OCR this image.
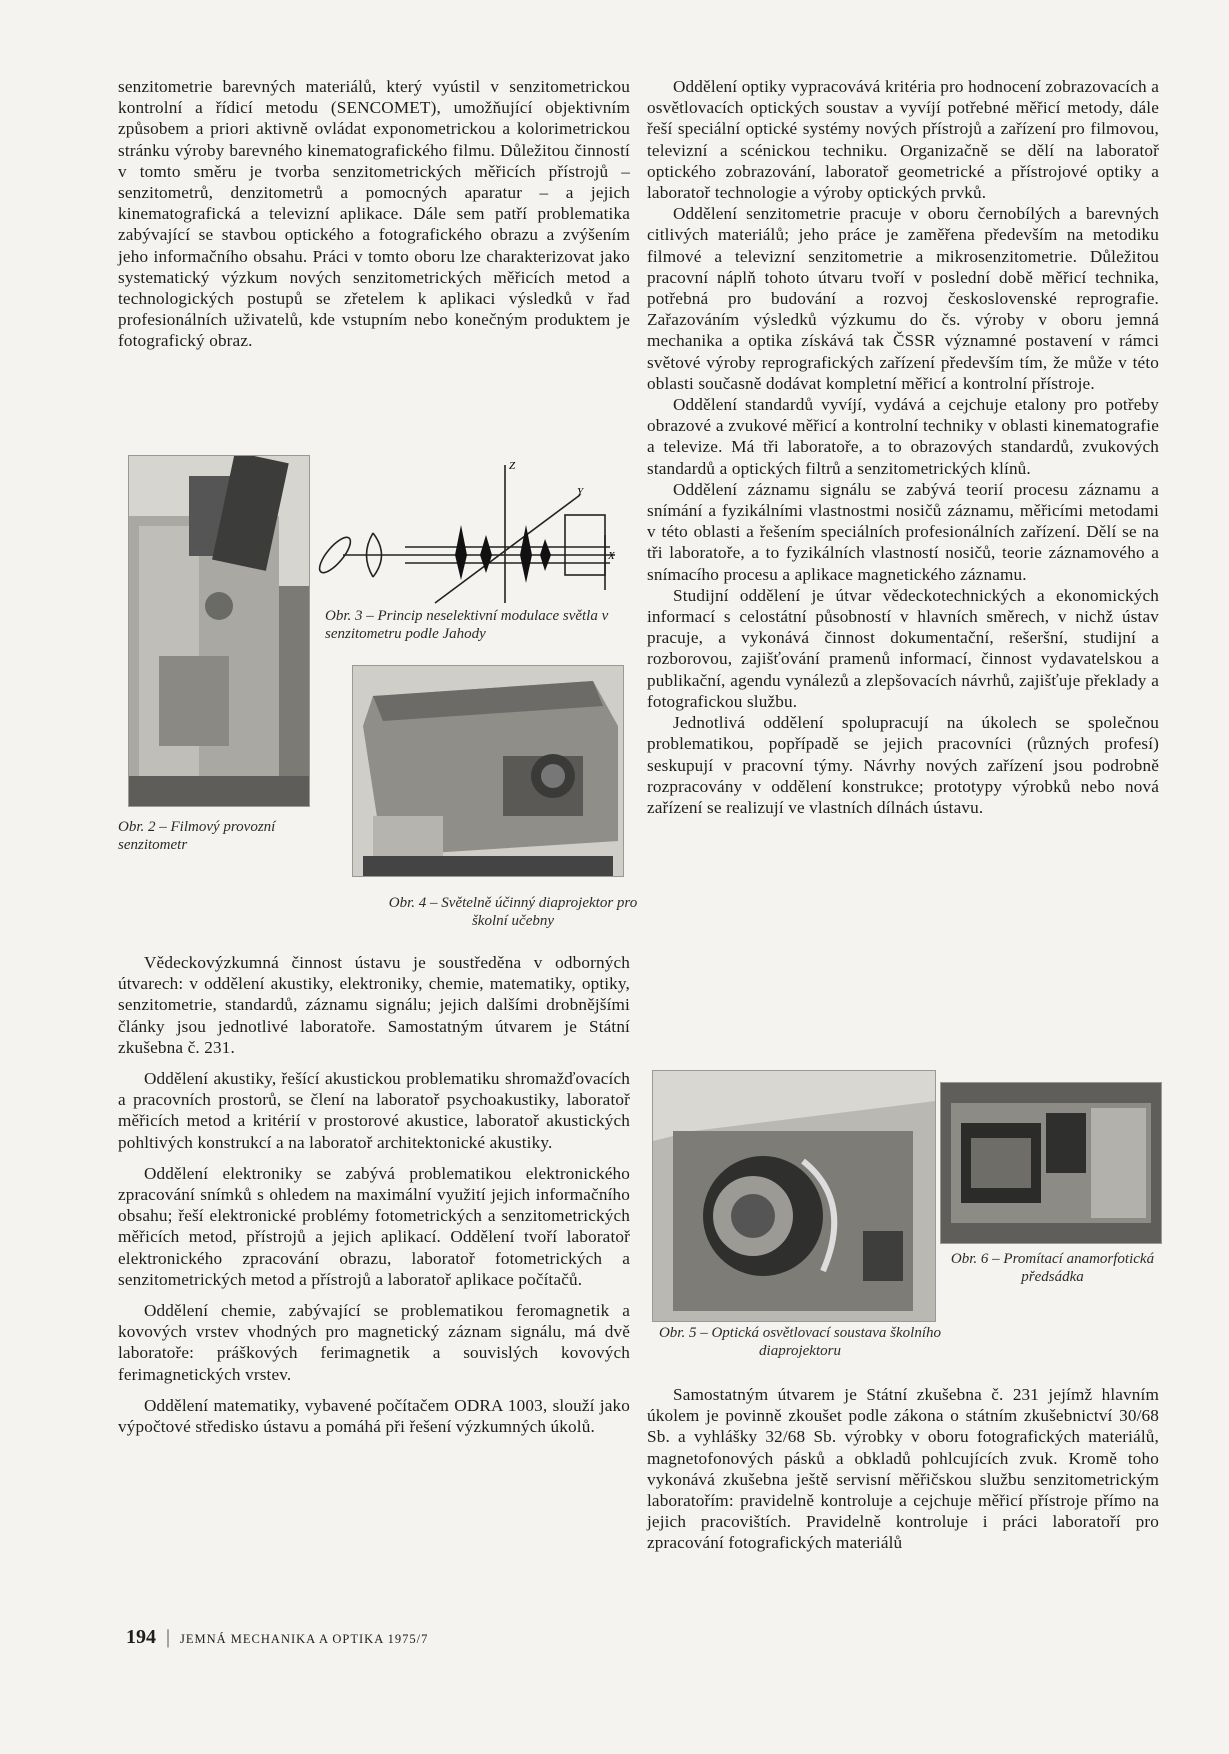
senzitometrie barevných materiálů, který vyústil v senzitometrickou kontrolní a řídicí metodu (SENCOMET), umožňující objektivním způsobem a priori aktivně ovládat exponometrickou a kolorimetrickou stránku výroby barevného kinematografického filmu. Důležitou činností v tomto směru je tvorba senzitometrických měřicích přístrojů – senzitometrů, denzitometrů a pomocných aparatur – a jejich kinematografická a televizní aplikace. Dále sem patří problematika zabývající se stavbou optického a fotografického obrazu a zvýšením jeho informačního obsahu. Práci v tomto oboru lze charakterizovat jako systematický výzkum nových senzitometrických měřicích metod a technologických postupů se zřetelem k aplikaci výsledků v řad profesionálních uživatelů, kde vstupním nebo konečným produktem je fotografický obraz.

Obr. 2 – Filmový provozní senzitometr
Z
Y
X
Obr. 3 – Princip neselektivní modulace světla v senzitometru podle Jahody
Obr. 4 – Světelně účinný diaprojektor pro školní učebny

Vědeckovýzkumná činnost ústavu je soustředěna v odborných útvarech: v oddělení akustiky, elektroniky, chemie, matematiky, optiky, senzitometrie, standardů, záznamu signálu; jejich dalšími drobnějšími články jsou jednotlivé laboratoře. Samostatným útvarem je Státní zkušebna č. 231.

Oddělení akustiky, řešící akustickou problematiku shromažďovacích a pracovních prostorů, se člení na laboratoř psychoakustiky, laboratoř měřicích metod a kritérií v prostorové akustice, laboratoř akustických pohltivých konstrukcí a na laboratoř architektonické akustiky.

Oddělení elektroniky se zabývá problematikou elektronického zpracování snímků s ohledem na maximální využití jejich informačního obsahu; řeší elektronické problémy fotometrických a senzitometrických měřicích metod, přístrojů a jejich aplikací. Oddělení tvoří laboratoř elektronického zpracování obrazu, laboratoř fotometrických a senzitometrických metod a přístrojů a laboratoř aplikace počítačů.

Oddělení chemie, zabývající se problematikou feromagnetik a kovových vrstev vhodných pro magnetický záznam signálu, má dvě laboratoře: práškových ferimagnetik a souvislých kovových ferimagnetických vrstev.

Oddělení matematiky, vybavené počítačem ODRA 1003, slouží jako výpočtové středisko ústavu a pomáhá při řešení výzkumných úkolů.

Oddělení optiky vypracovává kritéria pro hodnocení zobrazovacích a osvětlovacích optických soustav a vyvíjí potřebné měřicí metody, dále řeší speciální optické systémy nových přístrojů a zařízení pro filmovou, televizní a scénickou techniku. Organizačně se dělí na laboratoř optického zobrazování, laboratoř geometrické a přístrojové optiky a laboratoř technologie a výroby optických prvků.

Oddělení senzitometrie pracuje v oboru černobílých a barevných citlivých materiálů; jeho práce je zaměřena především na metodiku filmové a televizní senzitometrie a mikrosenzitometrie. Důležitou pracovní náplň tohoto útvaru tvoří v poslední době měřicí technika, potřebná pro budování a rozvoj československé reprografie. Zařazováním výsledků výzkumu do čs. výroby v oboru jemná mechanika a optika získává tak ČSSR významné postavení v rámci světové výroby reprografických zařízení především tím, že může v této oblasti současně dodávat kompletní měřicí a kontrolní přístroje.

Oddělení standardů vyvíjí, vydává a cejchuje etalony pro potřeby obrazové a zvukové měřicí a kontrolní techniky v oblasti kinematografie a televize. Má tři laboratoře, a to obrazových standardů, zvukových standardů a optických filtrů a senzitometrických klínů.

Oddělení záznamu signálu se zabývá teorií procesu záznamu a snímání a fyzikálními vlastnostmi nosičů záznamu, měřicími metodami v této oblasti a řešením speciálních profesionálních zařízení. Dělí se na tři laboratoře, a to fyzikálních vlastností nosičů, teorie záznamového a snímacího procesu a aplikace magnetického záznamu.

Studijní oddělení je útvar vědeckotechnických a ekonomických informací s celostátní působností v hlavních směrech, v nichž ústav pracuje, a vykonává činnost dokumentační, rešeršní, studijní a rozborovou, zajišťování pramenů informací, činnost vydavatelskou a publikační, agendu vynálezů a zlepšovacích návrhů, zajišťuje překlady a fotografickou službu.

Jednotlivá oddělení spolupracují na úkolech se společnou problematikou, popřípadě se jejich pracovníci (různých profesí) seskupují v pracovní týmy. Návrhy nových zařízení jsou podrobně rozpracovány v oddělení konstrukce; prototypy výrobků nebo nová zařízení se realizují ve vlastních dílnách ústavu.

Obr. 5 – Optická osvětlovací soustava školního diaprojektoru
Obr. 6 – Promítací anamorfotická předsádka

Samostatným útvarem je Státní zkušebna č. 231 jejímž hlavním úkolem je povinně zkoušet podle zákona o státním zkušebnictví 30/68 Sb. a vyhlášky 32/68 Sb. výrobky v oboru fotografických materiálů, magnetofonových pásků a obkladů pohlcujících zvuk. Kromě toho vykonává zkušebna ještě servisní měřičskou službu senzitometrickým laboratořím: pravidelně kontroluje a cejchuje měřicí přístroje přímo na jejich pracovištích. Pravidelně kontroluje i práci laboratoří pro zpracování fotografických materiálů

194 | JEMNÁ MECHANIKA A OPTIKA 1975/7
